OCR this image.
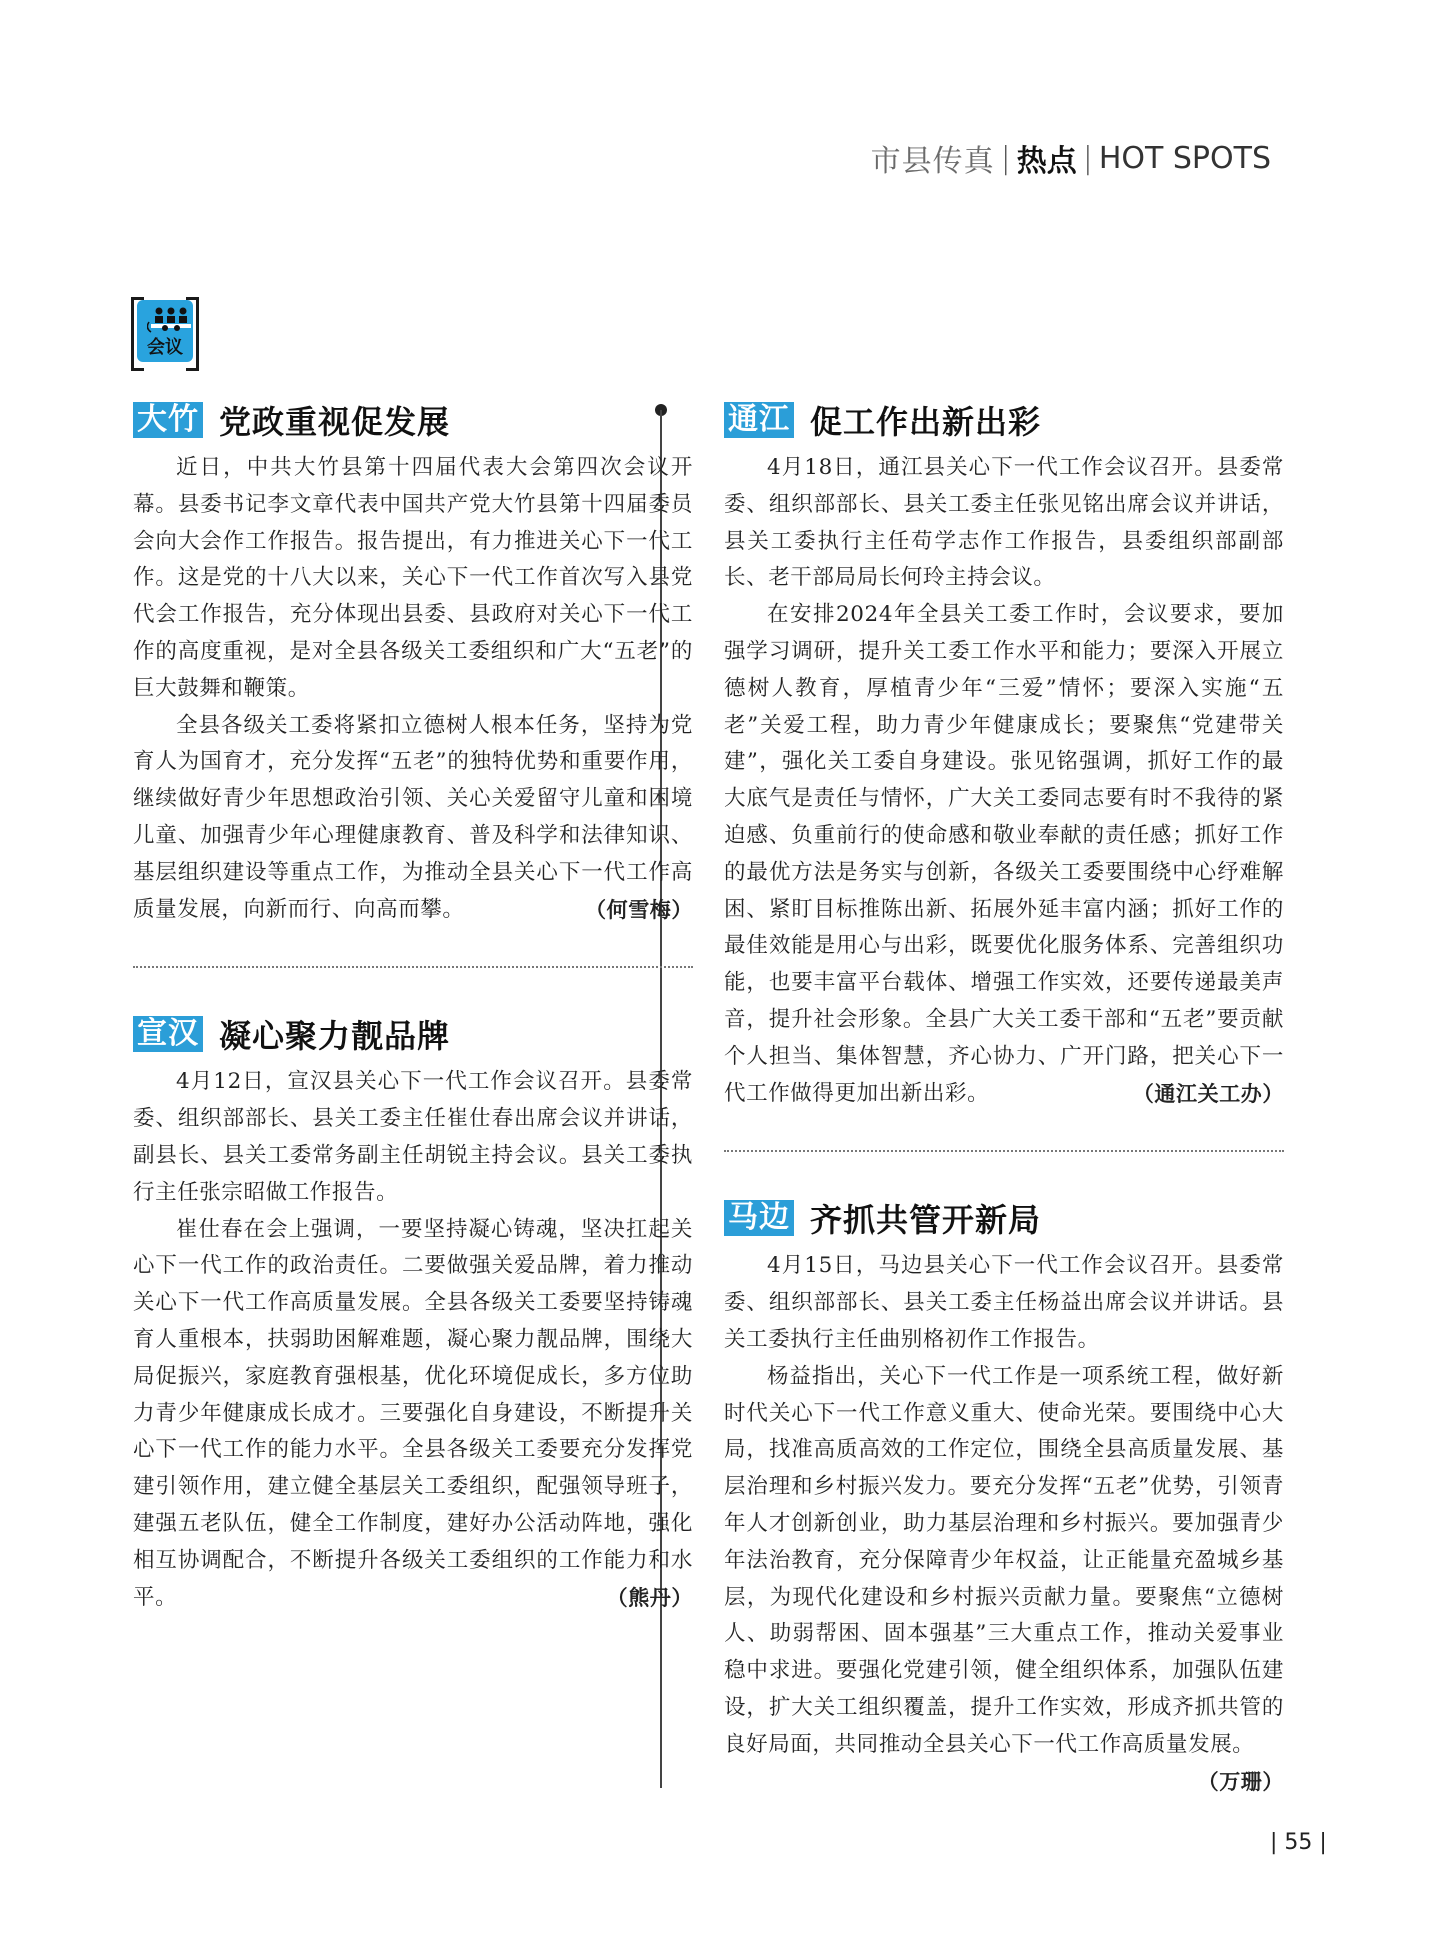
市县传真 | 热点 | HOT SPOTS
会议
大竹 党政重视促发展

近日，中共大竹县第十四届代表大会第四次会议开幕。县委书记李文章代表中国共产党大竹县第十四届委员会向大会作工作报告。报告提出，有力推进关心下一代工作。这是党的十八大以来，关心下一代工作首次写入县党代会工作报告，充分体现出县委、县政府对关心下一代工作的高度重视，是对全县各级关工委组织和广大“五老”的巨大鼓舞和鞭策。

全县各级关工委将紧扣立德树人根本任务，坚持为党育人为国育才，充分发挥“五老”的独特优势和重要作用，继续做好青少年思想政治引领、关心关爱留守儿童和困境儿童、加强青少年心理健康教育、普及科学和法律知识、基层组织建设等重点工作，为推动全县关心下一代工作高质量发展，向新而行、向高而攀。	（何雪梅）

宣汉 凝心聚力靓品牌

4月12日，宣汉县关心下一代工作会议召开。县委常委、组织部部长、县关工委主任崔仕春出席会议并讲话，副县长、县关工委常务副主任胡锐主持会议。县关工委执行主任张宗昭做工作报告。

崔仕春在会上强调，一要坚持凝心铸魂，坚决扛起关心下一代工作的政治责任。二要做强关爱品牌，着力推动关心下一代工作高质量发展。全县各级关工委要坚持铸魂育人重根本，扶弱助困解难题，凝心聚力靓品牌，围绕大局促振兴，家庭教育强根基，优化环境促成长，多方位助力青少年健康成长成才。三要强化自身建设，不断提升关心下一代工作的能力水平。全县各级关工委要充分发挥党建引领作用，建立健全基层关工委组织，配强领导班子，建强五老队伍，健全工作制度，建好办公活动阵地，强化相互协调配合，不断提升各级关工委组织的工作能力和水平。	（熊丹）

通江 促工作出新出彩

4月18日，通江县关心下一代工作会议召开。县委常委、组织部部长、县关工委主任张见铭出席会议并讲话，县关工委执行主任苟学志作工作报告，县委组织部副部长、老干部局局长何玲主持会议。

在安排2024年全县关工委工作时，会议要求，要加强学习调研，提升关工委工作水平和能力；要深入开展立德树人教育，厚植青少年“三爱”情怀；要深入实施“五老”关爱工程，助力青少年健康成长；要聚焦“党建带关建”，强化关工委自身建设。张见铭强调，抓好工作的最大底气是责任与情怀，广大关工委同志要有时不我待的紧迫感、负重前行的使命感和敬业奉献的责任感；抓好工作的最优方法是务实与创新，各级关工委要围绕中心纾难解困、紧盯目标推陈出新、拓展外延丰富内涵；抓好工作的最佳效能是用心与出彩，既要优化服务体系、完善组织功能，也要丰富平台载体、增强工作实效，还要传递最美声音，提升社会形象。全县广大关工委干部和“五老”要贡献个人担当、集体智慧，齐心协力、广开门路，把关心下一代工作做得更加出新出彩。	（通江关工办）

马边 齐抓共管开新局

4月15日，马边县关心下一代工作会议召开。县委常委、组织部部长、县关工委主任杨益出席会议并讲话。县关工委执行主任曲别格初作工作报告。

杨益指出，关心下一代工作是一项系统工程，做好新时代关心下一代工作意义重大、使命光荣。要围绕中心大局，找准高质高效的工作定位，围绕全县高质量发展、基层治理和乡村振兴发力。要充分发挥“五老”优势，引领青年人才创新创业，助力基层治理和乡村振兴。要加强青少年法治教育，充分保障青少年权益，让正能量充盈城乡基层，为现代化建设和乡村振兴贡献力量。要聚焦“立德树人、助弱帮困、固本强基”三大重点工作，推动关爱事业稳中求进。要强化党建引领，健全组织体系，加强队伍建设，扩大关工组织覆盖，提升工作实效，形成齐抓共管的良好局面，共同推动全县关心下一代工作高质量发展。
（万珊）

| 55 |
